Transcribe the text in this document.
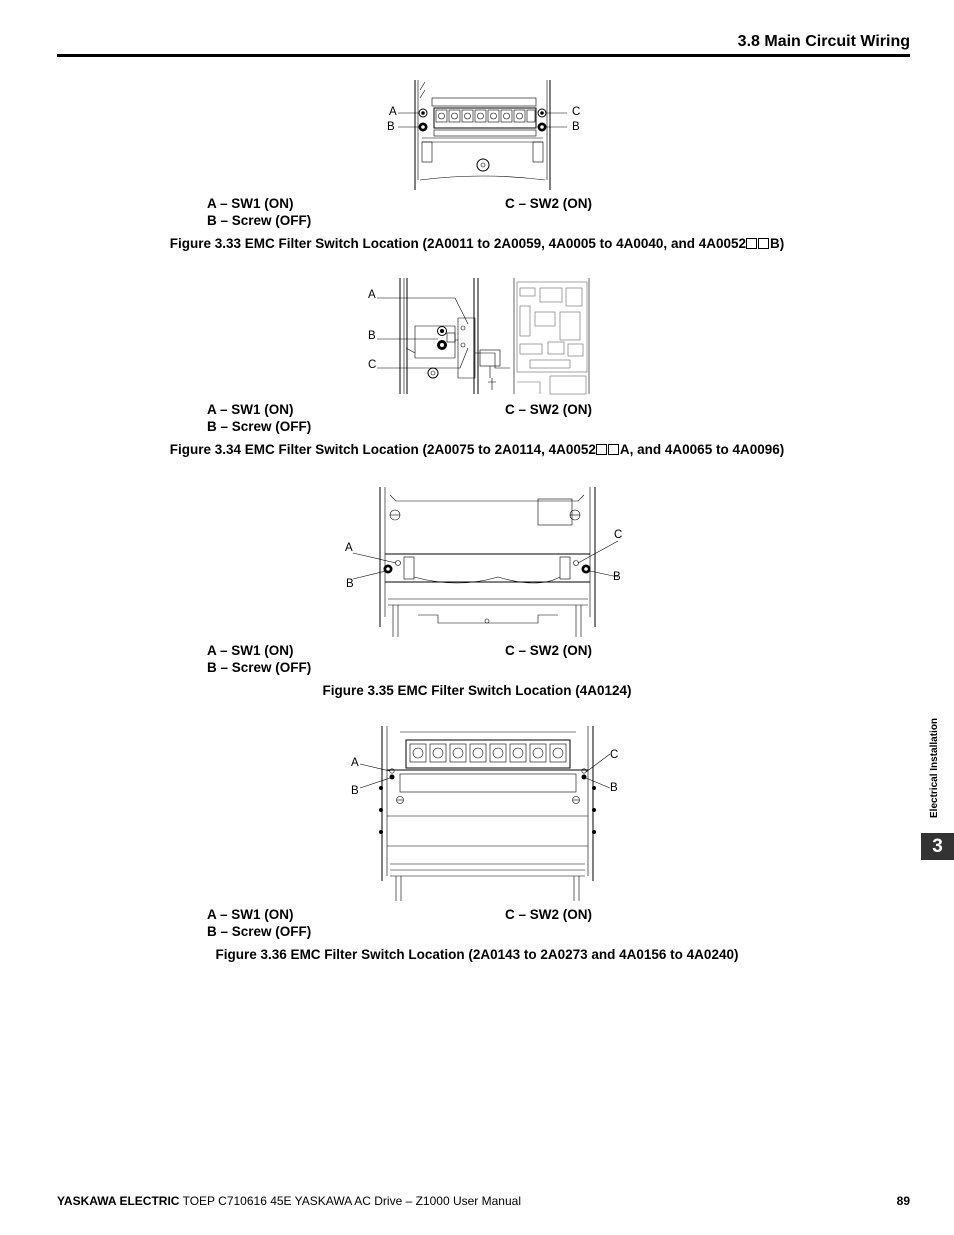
3.8 Main Circuit Wiring
A
B
C
B
A – SW1 (ON)
B – Screw (OFF)
C – SW2 (ON)
Figure 3.33 EMC Filter Switch Location (2A0011 to 2A0059, 4A0005 to 4A0040, and 4A0052 B)
A
B
C
A – SW1 (ON)
B – Screw (OFF)
C – SW2 (ON)
Figure 3.34 EMC Filter Switch Location (2A0075 to 2A0114, 4A0052 A, and 4A0065 to 4A0096)
A
B
C
B
A – SW1 (ON)
B – Screw (OFF)
C – SW2 (ON)
Figure 3.35 EMC Filter Switch Location (4A0124)
A
B
C
B
A – SW1 (ON)
B – Screw (OFF)
C – SW2 (ON)
Figure 3.36 EMC Filter Switch Location (2A0143 to 2A0273 and 4A0156 to 4A0240)
Electrical Installation
3
YASKAWA ELECTRIC TOEP C710616 45E YASKAWA AC Drive – Z1000 User Manual	89
